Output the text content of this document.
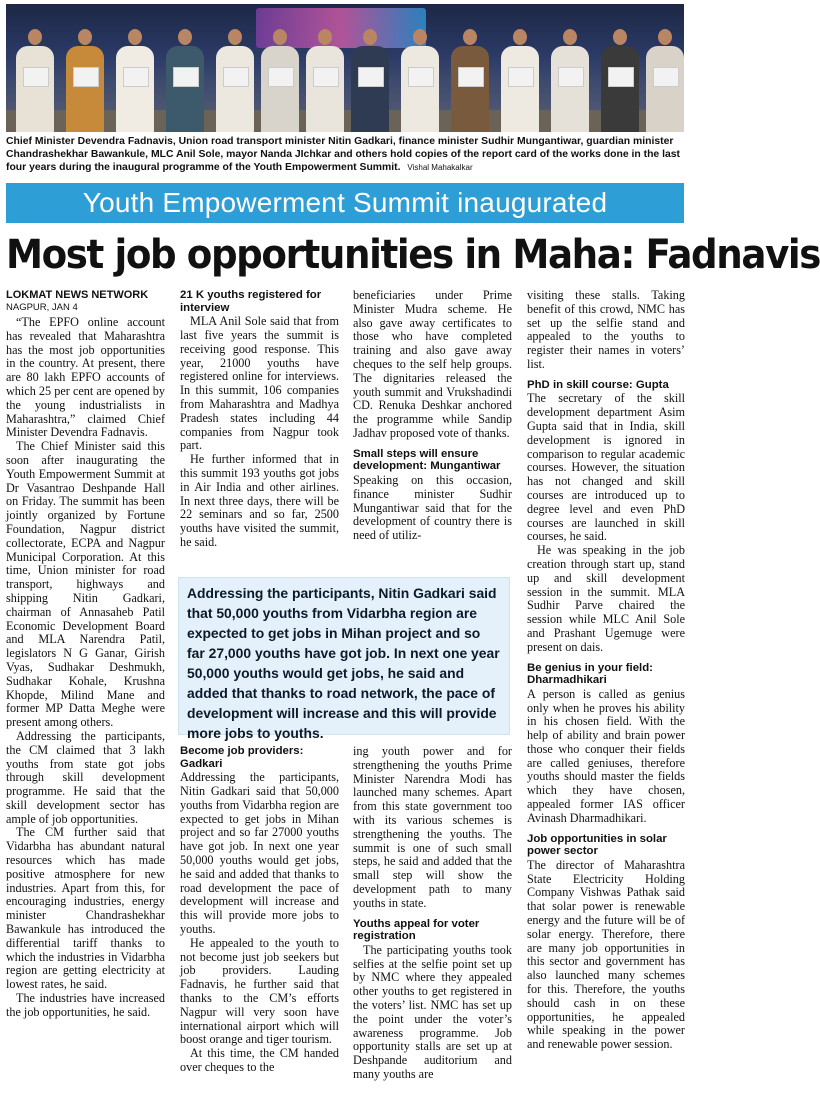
Chief Minister Devendra Fadnavis, Union road transport minister Nitin Gadkari, finance minister Sudhir Mungantiwar, guardian minister Chandrashekhar Bawankule, MLC Anil Sole, mayor Nanda JIchkar and others hold copies of the report card of the works done in the last four years during the inaugural programme of the Youth Empowerment Summit. Vishal Mahakalkar
Youth Empowerment Summit inaugurated
Most job opportunities in Maha: Fadnavis
LOKMAT NEWS NETWORK
NAGPUR, JAN 4

“The EPFO online account has revealed that Maharashtra has the most job opportunities in the country. At present, there are 80 lakh EPFO accounts of which 25 per cent are opened by the young industrialists in Maharashtra,” claimed Chief Minister Devendra Fadnavis.

The Chief Minister said this soon after inaugurating the Youth Empowerment Summit at Dr Vasantrao Deshpande Hall on Friday. The summit has been jointly organized by Fortune Foundation, Nagpur district collectorate, ECPA and Nagpur Municipal Corporation. At this time, Union minister for road transport, highways and shipping Nitin Gadkari, chairman of Annasaheb Patil Economic Development Board and MLA Narendra Patil, legislators N G Ganar, Girish Vyas, Sudhakar Deshmukh, Sudhakar Kohale, Krushna Khopde, Milind Mane and former MP Datta Meghe were present among others.

Addressing the participants, the CM claimed that 3 lakh youths from state got jobs through skill development programme. He said that the skill development sector has ample of job opportunities.

The CM further said that Vidarbha has abundant natural resources which has made positive atmosphere for new industries. Apart from this, for encouraging industries, energy minister Chandrashekhar Bawankule has introduced the differential tariff thanks to which the industries in Vidarbha region are getting electricity at lowest rates, he said.

The industries have increased the job opportunities, he said.

21 K youths registered for interview

MLA Anil Sole said that from last five years the summit is receiving good response. This year, 21000 youths have registered online for interviews. In this summit, 106 companies from Maharashtra and Madhya Pradesh states including 44 companies from Nagpur took part.

He further informed that in this summit 193 youths got jobs in Air India and other airlines. In next three days, there will be 22 seminars and so far, 2500 youths have visited the summit, he said.

beneficiaries under Prime Minister Mudra scheme. He also gave away certificates to those who have completed training and also gave away cheques to the self help groups. The dignitaries released the youth summit and Vrukshadindi CD. Renuka Deshkar anchored the programme while Sandip Jadhav proposed vote of thanks.

Small steps will ensure development: Mungantiwar

Speaking on this occasion, finance minister Sudhir Mungantiwar said that for the development of country there is need of utiliz-

Addressing the participants, Nitin Gadkari said that 50,000 youths from Vidarbha region are expected to get jobs in Mihan project and so far 27,000 youths have got job. In next one year 50,000 youths would get jobs, he said and added that thanks to road network, the pace of development will increase and this will provide more jobs to youths.
Become job providers: Gadkari

Addressing the participants, Nitin Gadkari said that 50,000 youths from Vidarbha region are expected to get jobs in Mihan project and so far 27000 youths have got job. In next one year 50,000 youths would get jobs, he said and added that thanks to road development the pace of development will increase and this will provide more jobs to youths.

He appealed to the youth to not become just job seekers but job providers. Lauding Fadnavis, he further said that thanks to the CM’s efforts Nagpur will very soon have international airport which will boost orange and tiger tourism.

At this time, the CM handed over cheques to the

ing youth power and for strengthening the youths Prime Minister Narendra Modi has launched many schemes. Apart from this state government too with its various schemes is strengthening the youths. The summit is one of such small steps, he said and added that the small step will show the development path to many youths in state.

Youths appeal for voter registration

The participating youths took selfies at the selfie point set up by NMC where they appealed other youths to get registered in the voters’ list. NMC has set up the point under the voter’s awareness programme. Job opportunity stalls are set up at Deshpande auditorium and many youths are

visiting these stalls. Taking benefit of this crowd, NMC has set up the selfie stand and appealed to the youths to register their names in voters’ list.

PhD in skill course: Gupta

The secretary of the skill development department Asim Gupta said that in India, skill development is ignored in comparison to regular academic courses. However, the situation has not changed and skill courses are introduced up to degree level and even PhD courses are launched in skill courses, he said.

He was speaking in the job creation through start up, stand up and skill development session in the summit. MLA Sudhir Parve chaired the session while MLC Anil Sole and Prashant Ugemuge were present on dais.

Be genius in your field: Dharmadhikari

A person is called as genius only when he proves his ability in his chosen field. With the help of ability and brain power those who conquer their fields are called geniuses, therefore youths should master the fields which they have chosen, appealed former IAS officer Avinash Dharmadhikari.

Job opportunities in solar power sector

The director of Maharashtra State Electricity Holding Company Vishwas Pathak said that solar power is renewable energy and the future will be of solar energy. Therefore, there are many job opportunities in this sector and government has also launched many schemes for this. Therefore, the youths should cash in on these opportunities, he appealed while speaking in the power and renewable power session.
